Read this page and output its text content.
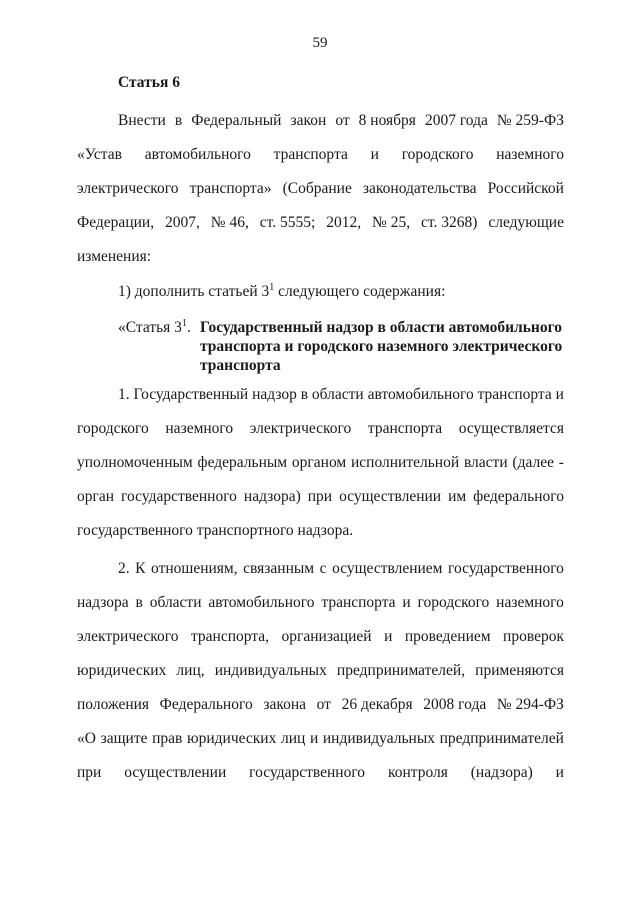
59
Статья 6
Внести в Федеральный закон от 8 ноября 2007 года № 259-ФЗ
«Устав автомобильного транспорта и городского наземного
электрического транспорта» (Собрание законодательства Российской
Федерации, 2007, № 46, ст. 5555; 2012, № 25, ст. 3268) следующие
изменения:
1) дополнить статьей $3^1$ следующего содержания:
«Статья $3^1$. Государственный надзор в области автомобильного
транспорта и городского наземного электрического
транспорта
1. Государственный надзор в области автомобильного транспорта и
городского наземного электрического транспорта осуществляется
уполномоченным федеральным органом исполнительной власти (далее -
орган государственного надзора) при осуществлении им федерального
государственного транспортного надзора.
2. К отношениям, связанным с осуществлением государственного
надзора в области автомобильного транспорта и городского наземного
электрического транспорта, организацией и проведением проверок
юридических лиц, индивидуальных предпринимателей, применяются
положения Федерального закона от 26 декабря 2008 года № 294-ФЗ
«О защите прав юридических лиц и индивидуальных предпринимателей
при осуществлении государственного контроля (надзора) и
